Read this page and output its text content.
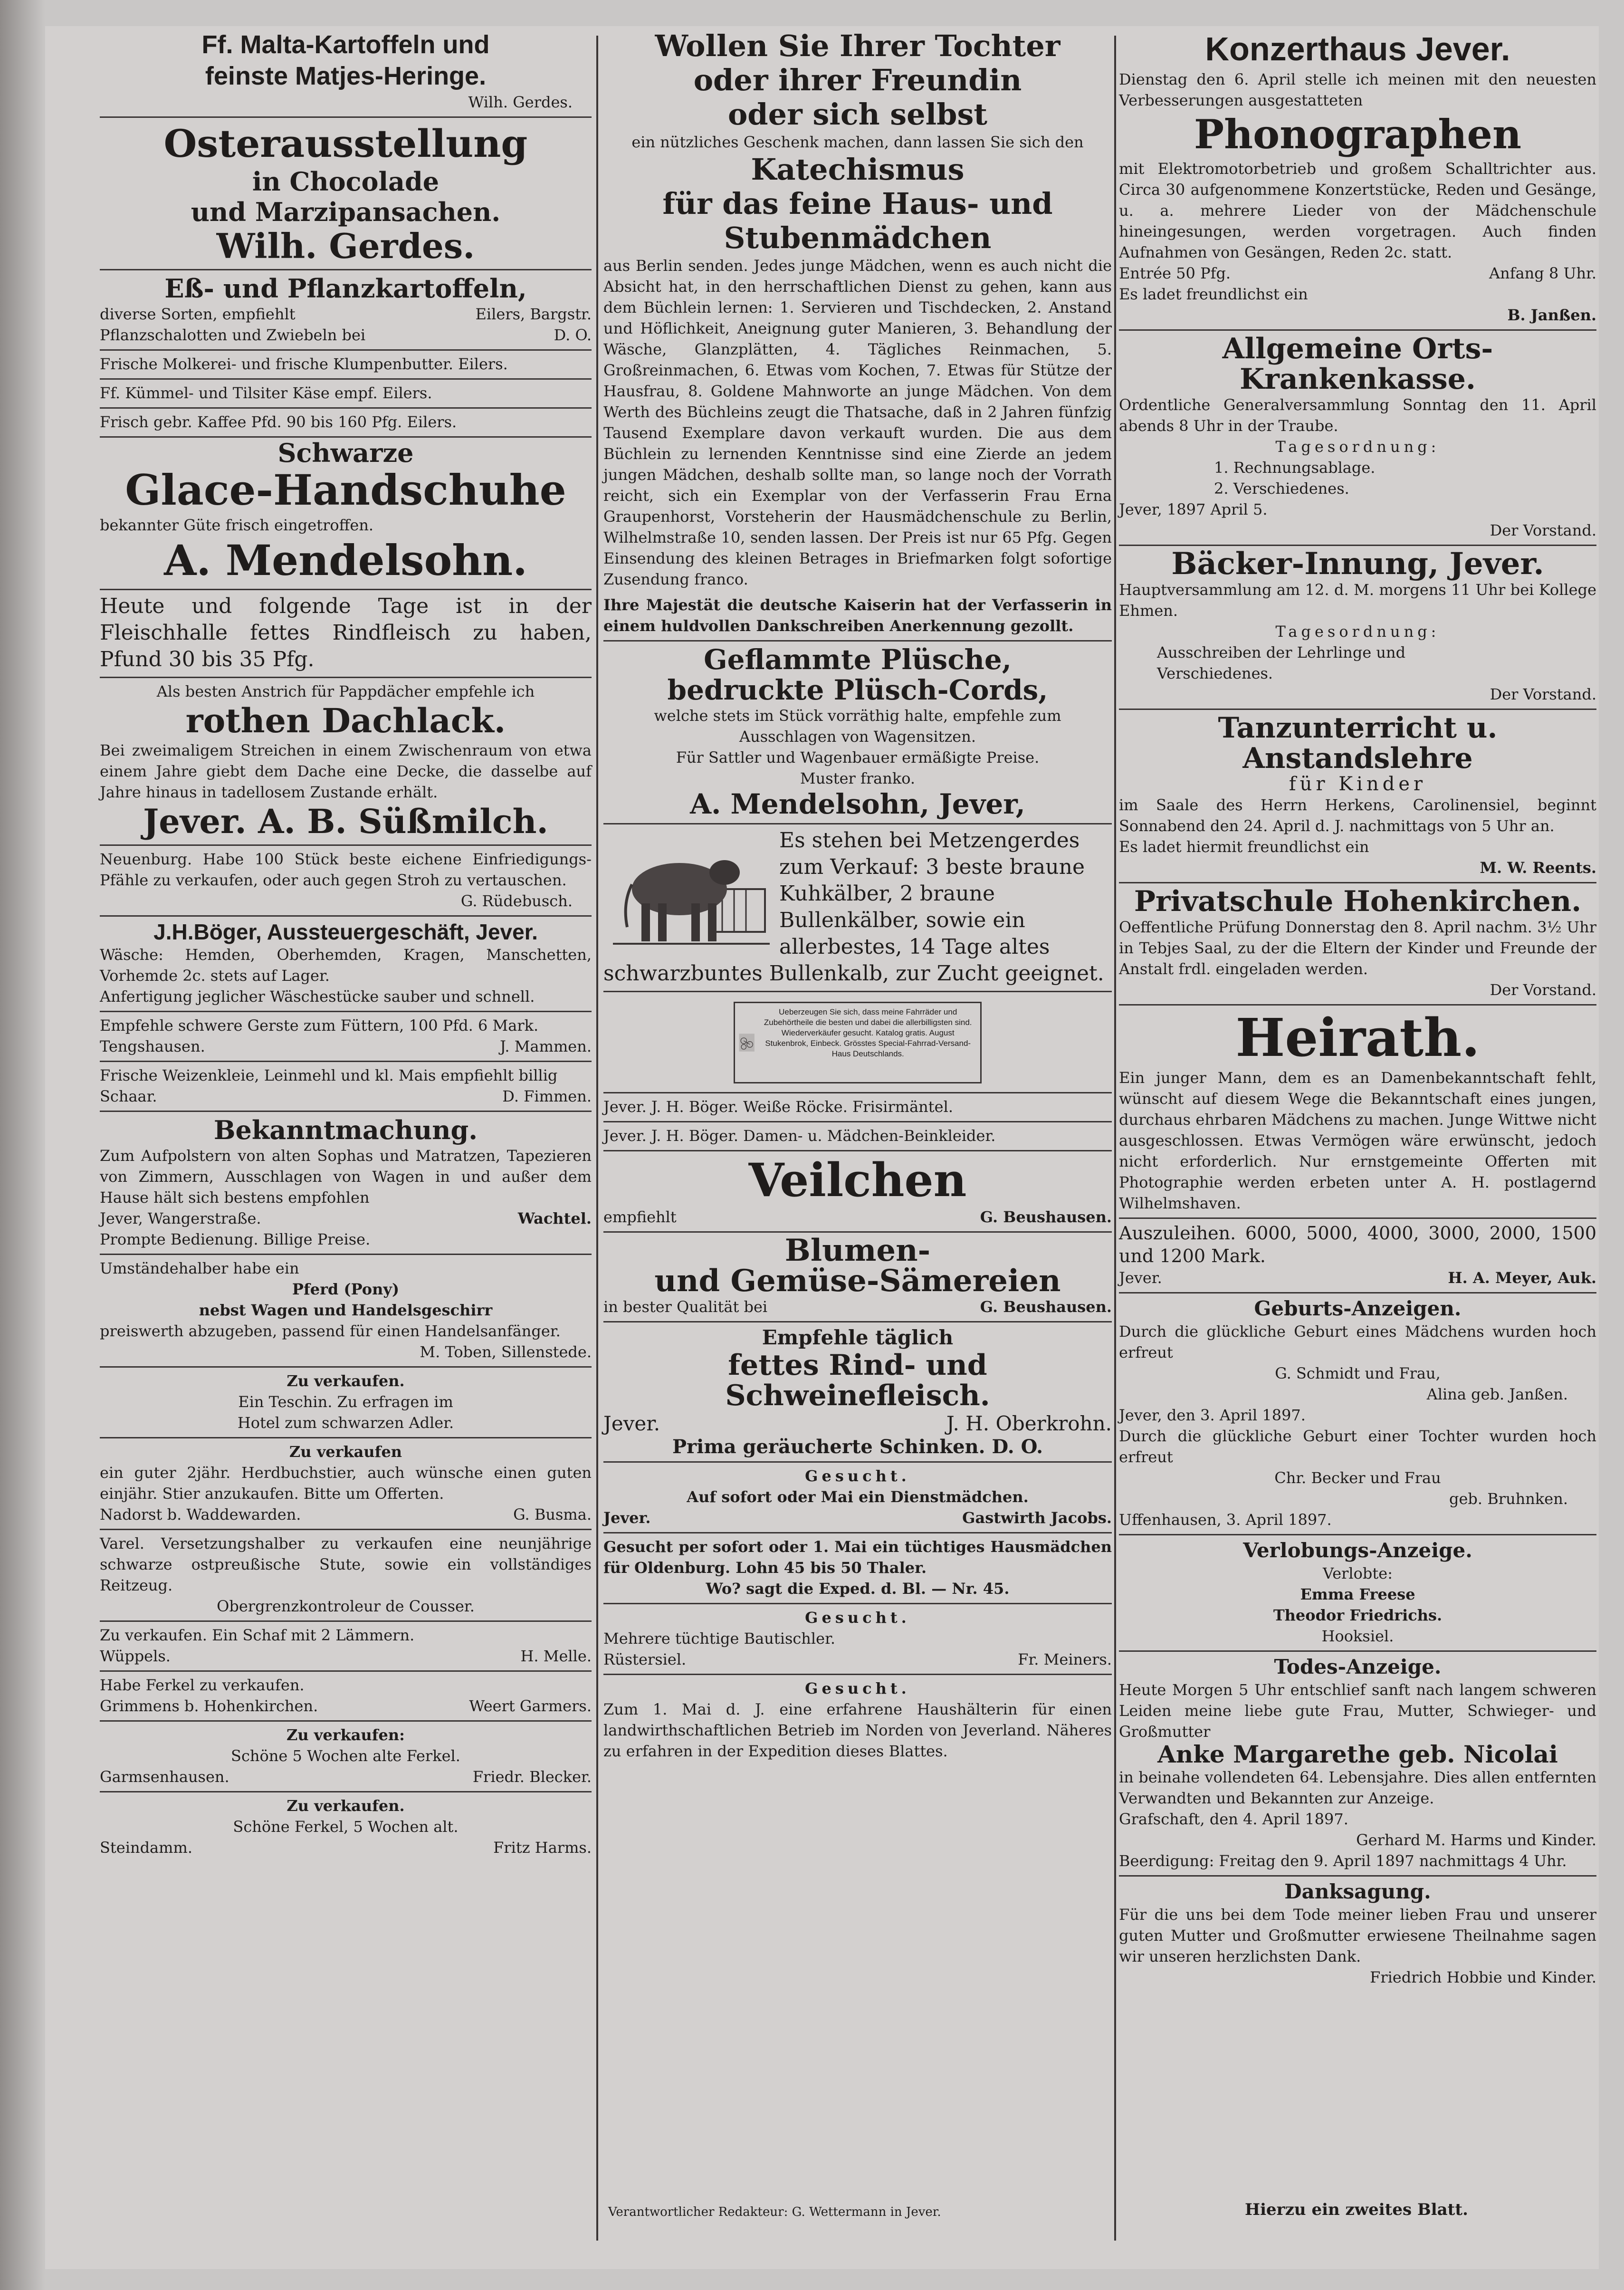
Ff. Malta-Kartoffeln und

feinste Matjes-Heringe.

Wilh. Gerdes.

Osterausstellung

in Chocolade

und Marzipansachen.

Wilh. Gerdes.

Eß- und Pflanzkartoffeln,

diverse Sorten, empfiehlt	Eilers, Bargstr.
Pflanzschalotten und Zwiebeln bei	D. O.

Frische Molkerei- und frische Klumpenbutter. Eilers.

Ff. Kümmel- und Tilsiter Käse empf. Eilers.

Frisch gebr. Kaffee Pfd. 90 bis 160 Pfg. Eilers.

Schwarze

Glace-Handschuhe

bekannter Güte frisch eingetroffen.

A. Mendelsohn.

Heute und folgende Tage ist in der Fleischhalle fettes Rindfleisch zu haben, Pfund 30 bis 35 Pfg.

Als besten Anstrich für Pappdächer empfehle ich

rothen Dachlack.

Bei zweimaligem Streichen in einem Zwischenraum von etwa einem Jahre giebt dem Dache eine Decke, die dasselbe auf Jahre hinaus in tadellosem Zustande erhält.

Jever. A. B. Süßmilch.

Neuenburg. Habe 100 Stück beste eichene Einfriedigungs-Pfähle zu verkaufen, oder auch gegen Stroh zu vertauschen.

G. Rüdebusch.

J.H.Böger, Aussteuergeschäft, Jever.

Wäsche: Hemden, Oberhemden, Kragen, Manschetten, Vorhemde 2c. stets auf Lager.

Anfertigung jeglicher Wäschestücke sauber und schnell.

Empfehle schwere Gerste zum Füttern, 100 Pfd. 6 Mark.

Tengshausen.	J. Mammen.

Frische Weizenkleie, Leinmehl und kl. Mais empfiehlt billig

Schaar.	D. Fimmen.

Bekanntmachung.

Zum Aufpolstern von alten Sophas und Matratzen, Tapezieren von Zimmern, Ausschlagen von Wagen in und außer dem Hause hält sich bestens empfohlen

Jever, Wangerstraße.	Wachtel.

Prompte Bedienung. Billige Preise.

Umständehalber habe ein

Pferd (Pony)

nebst Wagen und Handelsgeschirr

preiswerth abzugeben, passend für einen Handelsanfänger.

M. Toben, Sillenstede.

Zu verkaufen.

Ein Teschin. Zu erfragen im

Hotel zum schwarzen Adler.

Zu verkaufen

ein guter 2jähr. Herdbuchstier, auch wünsche einen guten einjähr. Stier anzukaufen. Bitte um Offerten.

Nadorst b. Waddewarden.	G. Busma.

Varel. Versetzungshalber zu verkaufen eine neunjährige schwarze ostpreußische Stute, sowie ein vollständiges Reitzeug.

Obergrenzkontroleur de Cousser.

Zu verkaufen. Ein Schaf mit 2 Lämmern.

Wüppels.	H. Melle.

Habe Ferkel zu verkaufen.

Grimmens b. Hohenkirchen.	Weert Garmers.

Zu verkaufen:

Schöne 5 Wochen alte Ferkel.

Garmsenhausen.	Friedr. Blecker.

Zu verkaufen.

Schöne Ferkel, 5 Wochen alt.

Steindamm.	Fritz Harms.

Wollen Sie Ihrer Tochter

oder ihrer Freundin

oder sich selbst

ein nützliches Geschenk machen, dann lassen Sie sich den

Katechismus

für das feine Haus- und

Stubenmädchen

aus Berlin senden. Jedes junge Mädchen, wenn es auch nicht die Absicht hat, in den herrschaftlichen Dienst zu gehen, kann aus dem Büchlein lernen: 1. Servieren und Tischdecken, 2. Anstand und Höflichkeit, Aneignung guter Manieren, 3. Behandlung der Wäsche, Glanzplätten, 4. Tägliches Reinmachen, 5. Großreinmachen, 6. Etwas vom Kochen, 7. Etwas für Stütze der Hausfrau, 8. Goldene Mahnworte an junge Mädchen. Von dem Werth des Büchleins zeugt die Thatsache, daß in 2 Jahren fünfzig Tausend Exemplare davon verkauft wurden. Die aus dem Büchlein zu lernenden Kenntnisse sind eine Zierde an jedem jungen Mädchen, deshalb sollte man, so lange noch der Vorrath reicht, sich ein Exemplar von der Verfasserin Frau Erna Graupenhorst, Vorsteherin der Hausmädchenschule zu Berlin, Wilhelmstraße 10, senden lassen. Der Preis ist nur 65 Pfg. Gegen Einsendung des kleinen Betrages in Briefmarken folgt sofortige Zusendung franco.

Ihre Majestät die deutsche Kaiserin hat der Verfasserin in einem huldvollen Dankschreiben Anerkennung gezollt.

Geflammte Plüsche,

bedruckte Plüsch-Cords,

welche stets im Stück vorräthig halte, empfehle zum Ausschlagen von Wagensitzen.

Für Sattler und Wagenbauer ermäßigte Preise.

Muster franko.

A. Mendelsohn, Jever,

Es stehen bei Metzengerdes zum Verkauf: 3 beste braune Kuhkälber, 2 braune Bullenkälber, sowie ein allerbestes, 14 Tage altes schwarzbuntes Bullenkalb, zur Zucht geeignet.

Ueberzeugen Sie sich, dass meine Fahrräder und Zubehörtheile die besten und dabei die allerbilligsten sind. Wiederverkäufer gesucht. Katalog gratis. August Stukenbrok, Einbeck. Grösstes Special-Fahrrad-Versand-Haus Deutschlands.

Jever. J. H. Böger. Weiße Röcke. Frisirmäntel.

Jever. J. H. Böger. Damen- u. Mädchen-Beinkleider.

Veilchen

empfiehlt	G. Beushausen.

Blumen-

und Gemüse-Sämereien

in bester Qualität bei	G. Beushausen.

Empfehle täglich

fettes Rind- und

Schweinefleisch.

Jever.	J. H. Oberkrohn.

Prima geräucherte Schinken. D. O.

Gesucht.

Auf sofort oder Mai ein Dienstmädchen.

Jever.	Gastwirth Jacobs.

Gesucht per sofort oder 1. Mai ein tüchtiges Hausmädchen für Oldenburg. Lohn 45 bis 50 Thaler.

Wo? sagt die Exped. d. Bl. — Nr. 45.

Gesucht.

Mehrere tüchtige Bautischler.

Rüstersiel.	Fr. Meiners.

Gesucht.

Zum 1. Mai d. J. eine erfahrene Haushälterin für einen landwirthschaftlichen Betrieb im Norden von Jeverland. Näheres zu erfahren in der Expedition dieses Blattes.

Konzerthaus Jever.

Dienstag den 6. April stelle ich meinen mit den neuesten Verbesserungen ausgestatteten

Phonographen

mit Elektromotorbetrieb und großem Schalltrichter aus. Circa 30 aufgenommene Konzertstücke, Reden und Gesänge, u. a. mehrere Lieder von der Mädchenschule hineingesungen, werden vorgetragen. Auch finden Aufnahmen von Gesängen, Reden 2c. statt.

Entrée 50 Pfg.	Anfang 8 Uhr.

Es ladet freundlichst ein

B. Janßen.

Allgemeine Orts-Krankenkasse.

Ordentliche Generalversammlung Sonntag den 11. April abends 8 Uhr in der Traube.

Tagesordnung:

1. Rechnungsablage.

2. Verschiedenes.

Jever, 1897 April 5.

Der Vorstand.

Bäcker-Innung, Jever.

Hauptversammlung am 12. d. M. morgens 11 Uhr bei Kollege Ehmen.

Tagesordnung:

Ausschreiben der Lehrlinge und

Verschiedenes.

Der Vorstand.

Tanzunterricht u. Anstandslehre

für Kinder

im Saale des Herrn Herkens, Carolinensiel, beginnt Sonnabend den 24. April d. J. nachmittags von 5 Uhr an.

Es ladet hiermit freundlichst ein

M. W. Reents.

Privatschule Hohenkirchen.

Oeffentliche Prüfung Donnerstag den 8. April nachm. 3½ Uhr in Tebjes Saal, zu der die Eltern der Kinder und Freunde der Anstalt frdl. eingeladen werden.

Der Vorstand.

Heirath.

Ein junger Mann, dem es an Damenbekanntschaft fehlt, wünscht auf diesem Wege die Bekanntschaft eines jungen, durchaus ehrbaren Mädchens zu machen. Junge Wittwe nicht ausgeschlossen. Etwas Vermögen wäre erwünscht, jedoch nicht erforderlich. Nur ernstgemeinte Offerten mit Photographie werden erbeten unter A. H. postlagernd Wilhelmshaven.

Auszuleihen. 6000, 5000, 4000, 3000, 2000, 1500 und 1200 Mark.

Jever.	H. A. Meyer, Auk.

Geburts-Anzeigen.

Durch die glückliche Geburt eines Mädchens wurden hoch erfreut

G. Schmidt und Frau,

Alina geb. Janßen.

Jever, den 3. April 1897.

Durch die glückliche Geburt einer Tochter wurden hoch erfreut

Chr. Becker und Frau

geb. Bruhnken.

Uffenhausen, 3. April 1897.

Verlobungs-Anzeige.

Verlobte:

Emma Freese

Theodor Friedrichs.

Hooksiel.

Todes-Anzeige.

Heute Morgen 5 Uhr entschlief sanft nach langem schweren Leiden meine liebe gute Frau, Mutter, Schwieger- und Großmutter

Anke Margarethe geb. Nicolai

in beinahe vollendeten 64. Lebensjahre. Dies allen entfernten Verwandten und Bekannten zur Anzeige.

Grafschaft, den 4. April 1897.

Gerhard M. Harms und Kinder.

Beerdigung: Freitag den 9. April 1897 nachmittags 4 Uhr.

Danksagung.

Für die uns bei dem Tode meiner lieben Frau und unserer guten Mutter und Großmutter erwiesene Theilnahme sagen wir unseren herzlichsten Dank.

Friedrich Hobbie und Kinder.

Verantwortlicher Redakteur: G. Wettermann in Jever.	Hierzu ein zweites Blatt.
